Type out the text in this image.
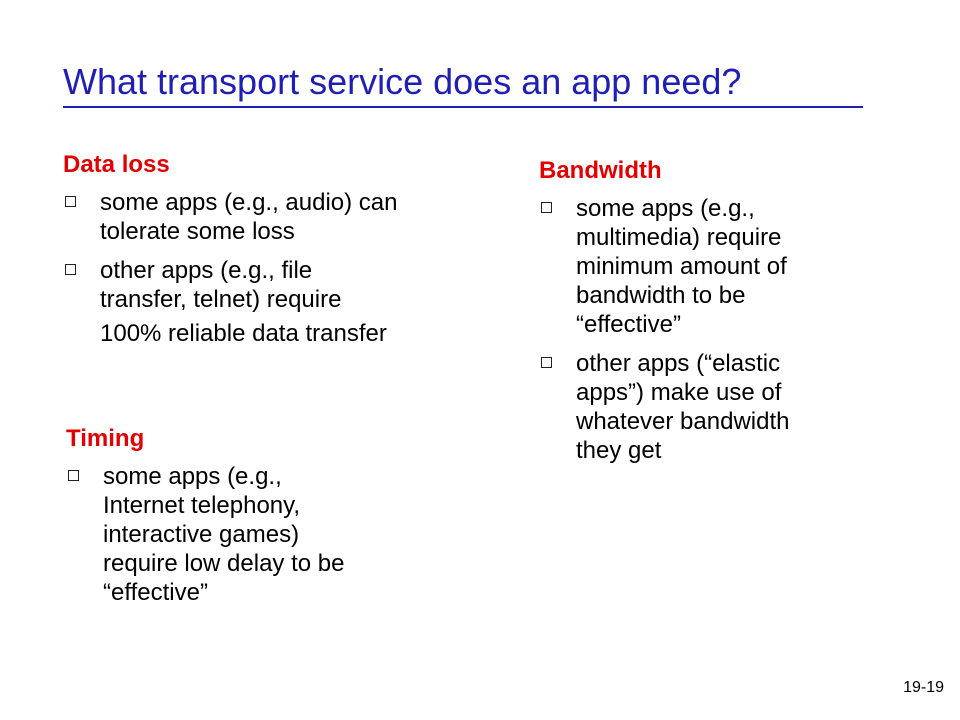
What transport service does an app need?
Data loss
some apps (e.g., audio) can
tolerate some loss
other apps (e.g., file
transfer, telnet) require
100% reliable data transfer
Timing
some apps (e.g.,
Internet telephony,
interactive games)
require low delay to be
“effective”
Bandwidth
some apps (e.g.,
multimedia) require
minimum amount of
bandwidth to be
“effective”
other apps (“elastic
apps”) make use of
whatever bandwidth
they get

19-19
